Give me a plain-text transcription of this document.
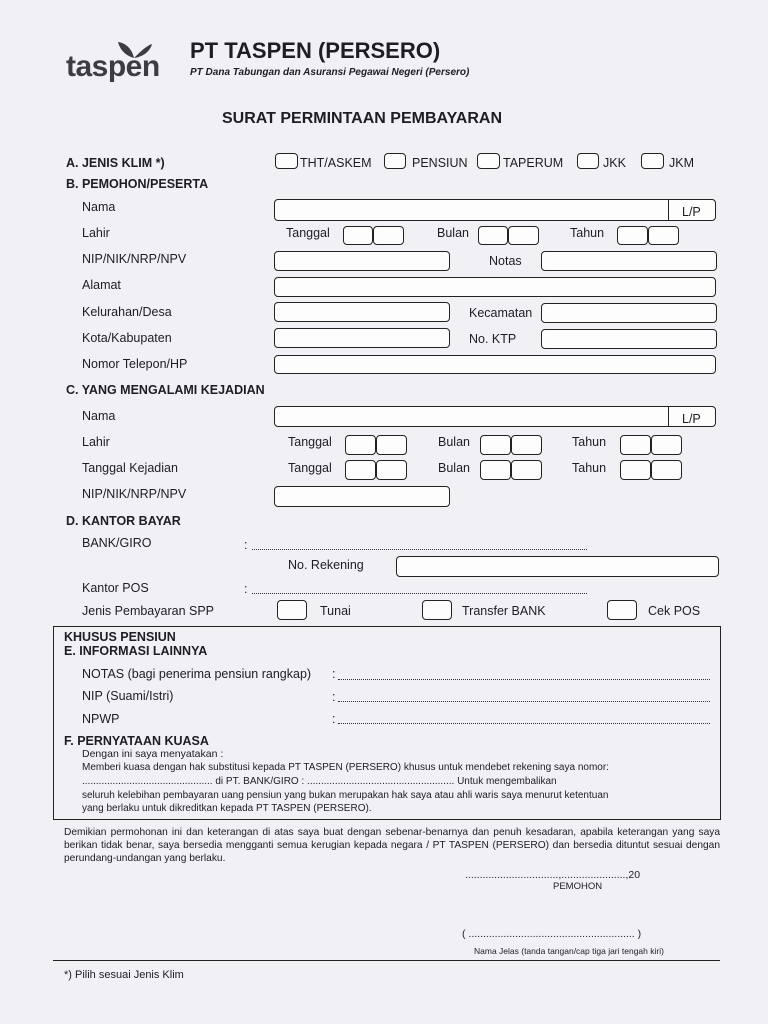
taspen PT TASPEN (PERSERO)
PT Dana Tabungan dan Asuransi Pegawai Negeri (Persero)
SURAT PERMINTAAN PEMBAYARAN
A. JENIS KLIM *)	THT/ASKEM	PENSIUN	TAPERUM	JKK	JKM
B. PEMOHON/PESERTA
Nama	L/P
Lahir	Tanggal	Bulan	Tahun
NIP/NIK/NRP/NPV	Notas
Alamat
Kelurahan/Desa	Kecamatan
Kota/Kabupaten	No. KTP
Nomor Telepon/HP
C. YANG MENGALAMI KEJADIAN
Nama	L/P
Lahir	Tanggal	Bulan	Tahun
Tanggal Kejadian	Tanggal	Bulan	Tahun
NIP/NIK/NRP/NPV
D. KANTOR BAYAR
BANK/GIRO	:
No. Rekening
Kantor POS	:
Jenis Pembayaran SPP	Tunai	Transfer BANK	Cek POS
KHUSUS PENSIUN
E. INFORMASI LAINNYA
NOTAS (bagi penerima pensiun rangkap) :
NIP (Suami/Istri)	:
NPWP	:
F. PERNYATAAN KUASA
Dengan ini saya menyatakan :
Memberi kuasa dengan hak substitusi kepada PT TASPEN (PERSERO) khusus untuk mendebet rekening saya nomor:
............................................... di PT. BANK/GIRO : ..................................................... Untuk mengembalikan
seluruh kelebihan pembayaran uang pensiun yang bukan merupakan hak saya atau ahli waris saya menurut ketentuan
yang berlaku untuk dikreditkan kepada PT TASPEN (PERSERO).
Demikian permohonan ini dan keterangan di atas saya buat dengan sebenar-benarnya dan penuh kesadaran, apabila keterangan yang saya berikan tidak benar, saya bersedia mengganti semua kerugian kepada negara / PT TASPEN (PERSERO) dan bersedia dituntut sesuai dengan perundang-undangan yang berlaku.
................................,......................,20
PEMOHON
( ......................................................... )
Nama Jelas (tanda tangan/cap tiga jari tengah kiri)
*) Pilih sesuai Jenis Klim
